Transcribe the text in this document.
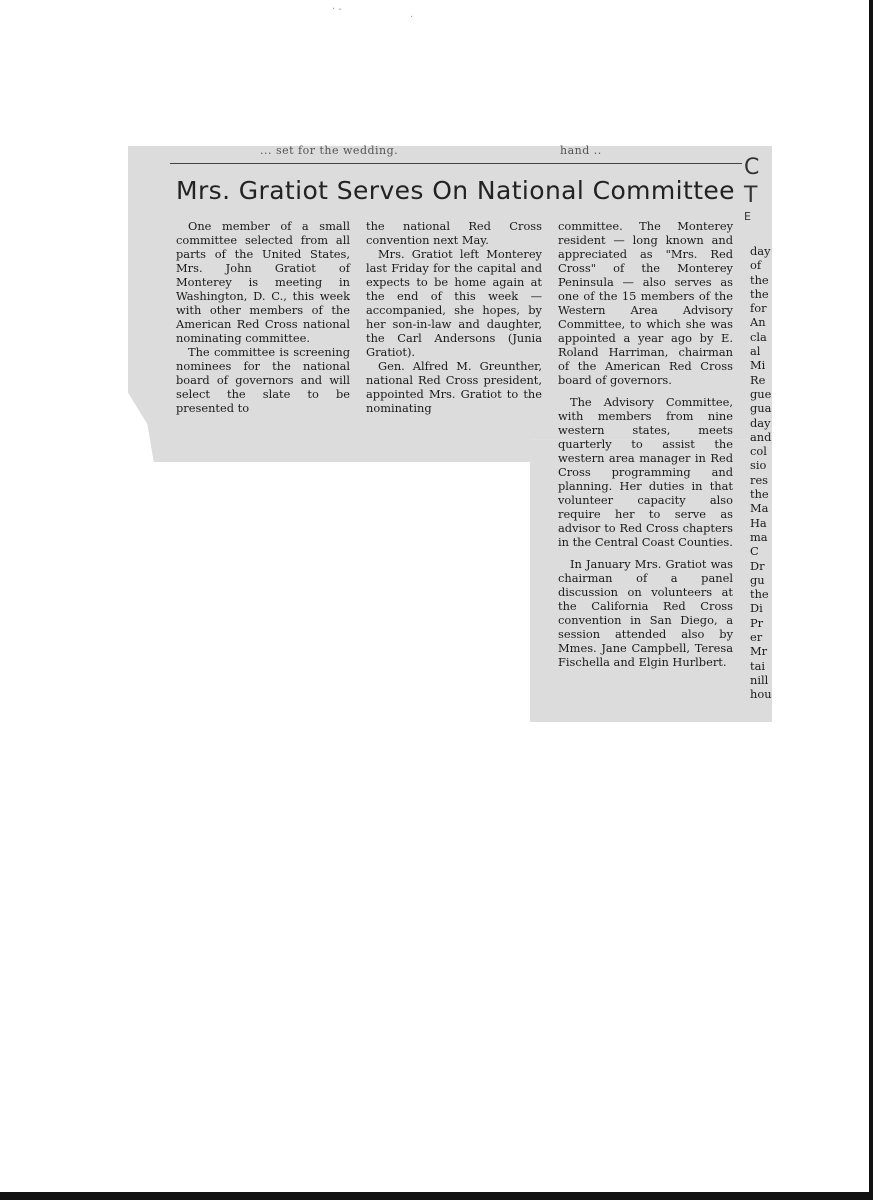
· -
·
... set for the wedding.	hand ..
Mrs. Gratiot Serves On National Committee
C
T
E

One member of a small committee selected from all parts of the United States, Mrs. John Gratiot of Monterey is meeting in Washington, D. C., this week with other members of the American Red Cross national nominating committee.

The committee is screening nominees for the national board of governors and will select the slate to be presented to

the national Red Cross convention next May.

Mrs. Gratiot left Monterey last Friday for the capital and expects to be home again at the end of this week — accompanied, she hopes, by her son-in-law and daughter, the Carl Andersons (Junia Gratiot).

Gen. Alfred M. Greunther, national Red Cross president, appointed Mrs. Gratiot to the nominating

committee. The Monterey resident — long known and appreciated as "Mrs. Red Cross" of the Monterey Peninsula — also serves as one of the 15 members of the Western Area Advisory Committee, to which she was appointed a year ago by E. Roland Harriman, chairman of the American Red Cross board of governors.

The Advisory Committee, with members from nine western states, meets quarterly to assist the western area manager in Red Cross programming and planning. Her duties in that volunteer capacity also require her to serve as advisor to Red Cross chapters in the Central Coast Counties.

In January Mrs. Gratiot was chairman of a panel discussion on volunteers at the California Red Cross convention in San Diego, a session attended also by Mmes. Jane Campbell, Teresa Fischella and Elgin Hurlbert.

day
of
the
the
for
An
cla
al
Mi
Re
gue
gua
day
and
col
sio
res
the
Ma
Ha
ma
C
Dr
gu
the
Di
Pr
er
Mr
tai
nill
hou
